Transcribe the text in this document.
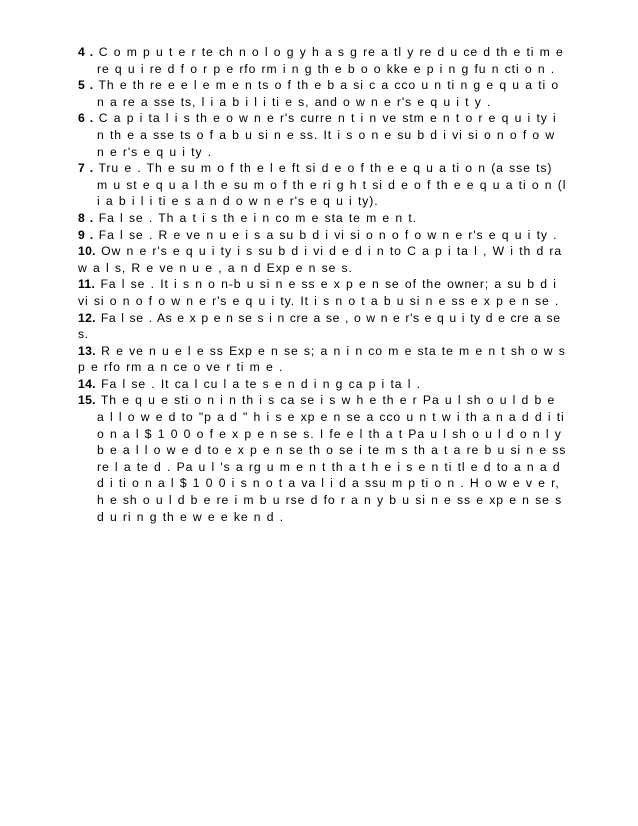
4 . C o m p u t e r te ch n o l o g y h a s g re a tl y re d u ce d th e ti m e re q u i re d f o r p e rfo rm i n g th e b o o kke e p i n g fu n cti o n .
5 . Th e th re e e l e m e n ts o f th e b a si c a cco u n ti n g e q u a ti o n a re a sse ts, l i a b i l i ti e s, and o w n e r's e q u i t y .
6 . C a p i ta l i s th e o w n e r's curre n t i n ve stm e n t o r e q u i ty i n th e a sse ts o f a b u si n e ss. It i s o n e su b d i vi si o n o f o w n e r's e q u i ty .
7 . Tru e . Th e su m o f th e l e ft si d e o f th e e q u a ti o n (a sse ts) m u st e q u a l th e su m o f th e ri g h t si d e o f th e e q u a ti o n (l i a b i l i ti e s a n d o w n e r's e q u i ty).
8 . Fa l se . Th a t i s th e i n co m e sta te m e n t.
9 . Fa l se . R e ve n u e i s a su b d i vi si o n o f o w n e r's e q u i ty .
10. Ow n e r's e q u i ty i s su b d i vi d e d i n to C a p i ta l , W i th d ra w a l s, R e ve n u e , a n d Exp e n se s.
11. Fa l se . It i s n o n-b u si n e ss e x p e n se of the owner; a su b d i vi si o n o f o w n e r's e q u i ty. It i s n o t a b u si n e ss e x p e n se .
12. Fa l se . As e x p e n se s i n cre a se , o w n e r's e q u i ty d e cre a se s.
13. R e ve n u e l e ss Exp e n se s; a n i n co m e sta te m e n t sh o w s p e rfo rm a n ce o ve r ti m e .
14. Fa l se . It ca l cu l a te s e n d i n g ca p i ta l .
15. Th e q u e sti o n i n th i s ca se i s w h e th e r Pa u l sh o u l d b e a l l o w e d to "p a d " h i s e xp e n se a cco u n t w i th a n a d d i ti o n a l $ 1 0 0 o f e x p e n se s. I fe e l th a t Pa u l sh o u l d o n l y b e a l l o w e d to e x p e n se th o se i te m s th a t a re b u si n e ss re l a te d . Pa u l 's a rg u m e n t th a t h e i s e n ti tl e d to a n a d d i ti o n a l $ 1 0 0 i s n o t a va l i d a ssu m p ti o n . H o w e v e r, h e sh o u l d b e re i m b u rse d fo r a n y b u si n e ss e xp e n se s d u ri n g th e w e e ke n d .
